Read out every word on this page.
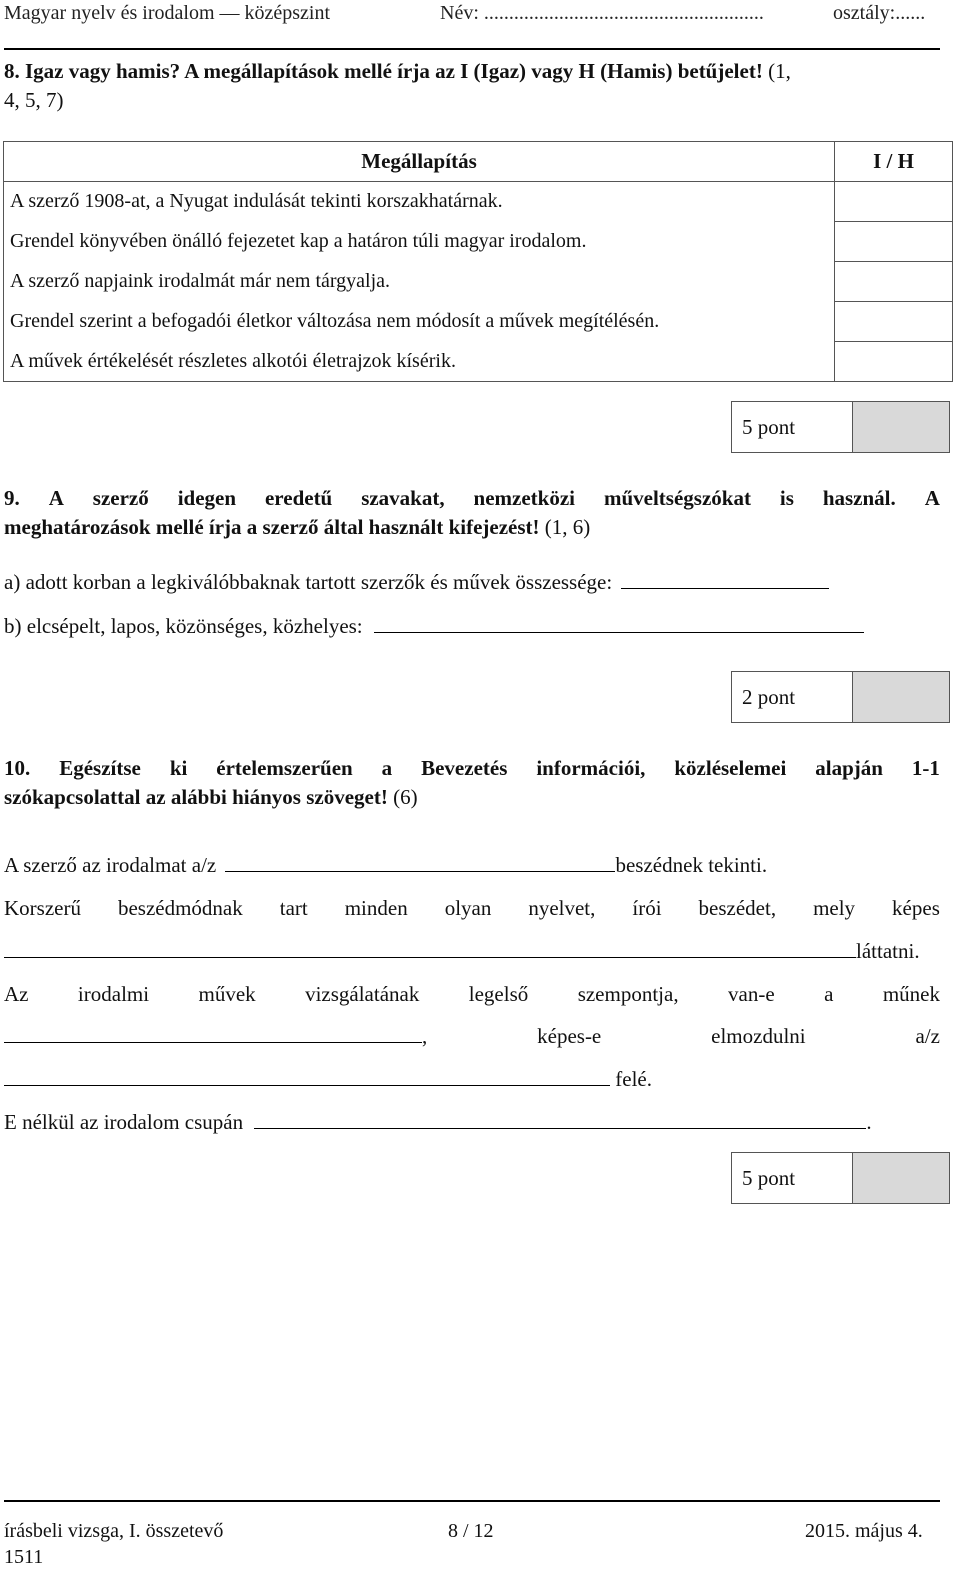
Magyar nyelv és irodalom — középszint	Név: ........................................................	osztály:......
8. Igaz vagy hamis? A megállapítások mellé írja az I (Igaz) vagy H (Hamis) betűjelet! (1,
4, 5, 7)
Megállapítás	I / H
A szerző 1908-at, a Nyugat indulását tekinti korszakhatárnak.	
Grendel könyvében önálló fejezetet kap a határon túli magyar irodalom.	
A szerző napjaink irodalmát már nem tárgyalja.	
Grendel szerint a befogadói életkor változása nem módosít a művek megítélésén.	
A művek értékelését részletes alkotói életrajzok kísérik.	
5 pont
9. A szerző idegen eredetű szavakat, nemzetközi műveltségszókat is használ. A
meghatározások mellé írja a szerző által használt kifejezést! (1, 6)
a) adott korban a legkiválóbbaknak tartott szerzők és művek összessége:
b) elcsépelt, lapos, közönséges, közhelyes:
2 pont
10. Egészítse ki értelemszerűen a Bevezetés információi, közléselemei alapján 1-1
szókapcsolattal az alábbi hiányos szöveget! (6)
A szerző az irodalmat a/z	beszédnek tekinti.
Korszerű beszédmódnak tart minden olyan nyelvet, írói beszédet, mely képes
láttatni.
Az irodalmi művek vizsgálatának legelső szempontja, van-e a műnek
,	képes-e	elmozdulni	a/z
felé.
E nélkül az irodalom csupán	.
5 pont
írásbeli vizsga, I. összetevő	8 / 12	2015. május 4.
1511
